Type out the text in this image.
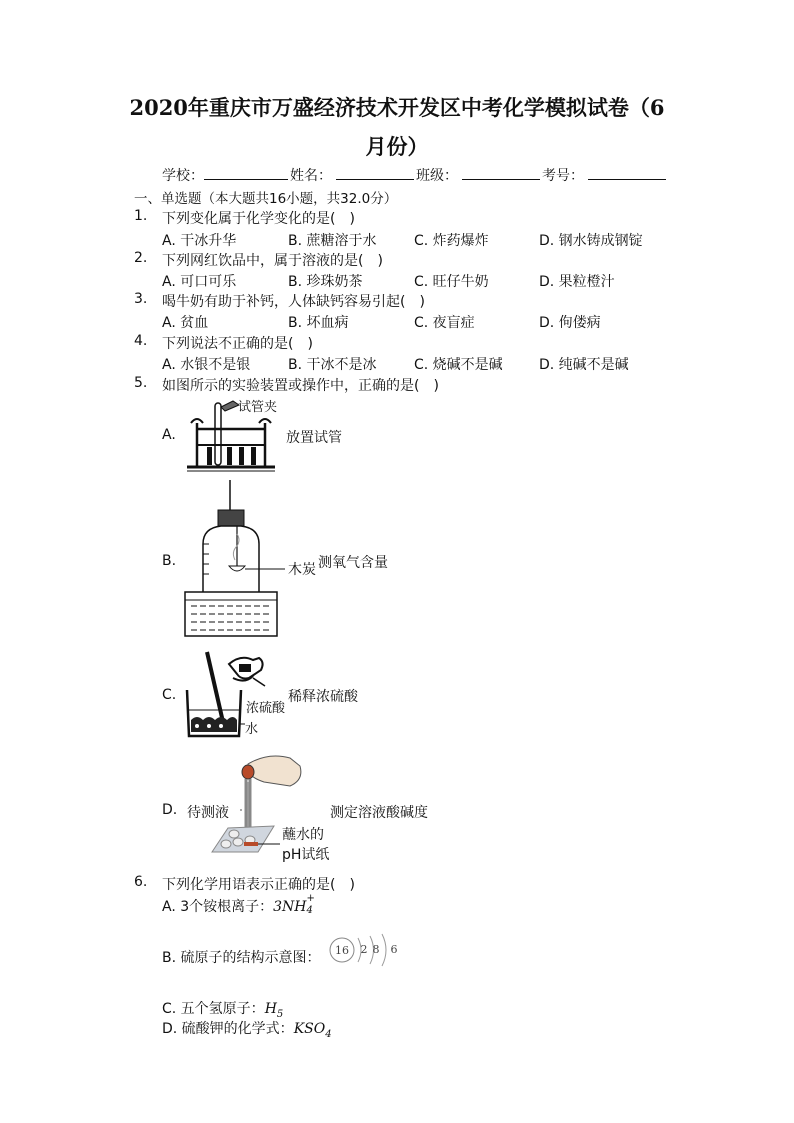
2020年重庆市万盛经济技术开发区中考化学模拟试卷（6
月份）
学校：	姓名：	班级：	考号：
一、单选题（本大题共16小题，共32.0分）
1. 下列变化属于化学变化的是(　)
A. 干冰升华	B. 蔗糖溶于水	C. 炸药爆炸	D. 钢水铸成钢锭
2. 下列网红饮品中，属于溶液的是(　)
A. 可口可乐	B. 珍珠奶茶	C. 旺仔牛奶	D. 果粒橙汁
3. 喝牛奶有助于补钙，人体缺钙容易引起(　)
A. 贫血	B. 坏血病	C. 夜盲症	D. 佝偻病
4. 下列说法不正确的是(　)
A. 水银不是银	B. 干冰不是冰	C. 烧碱不是碱	D. 纯碱不是碱
5. 如图所示的实验装置或操作中，正确的是(　)
A.
试管夹
放置试管
B.
木炭 测氧气含量
C.	稀释浓硫酸
浓硫酸
水
D. 待测液	测定溶液酸碱度
蘸水的
pH试纸
6. 下列化学用语表示正确的是(　)
A. 3个铵根离子：3NH
+
4
B. 硫原子的结构示意图： 16 2 8 6
C. 五个氢原子：$H_5$
D. 硫酸钾的化学式：$KSO_4$
